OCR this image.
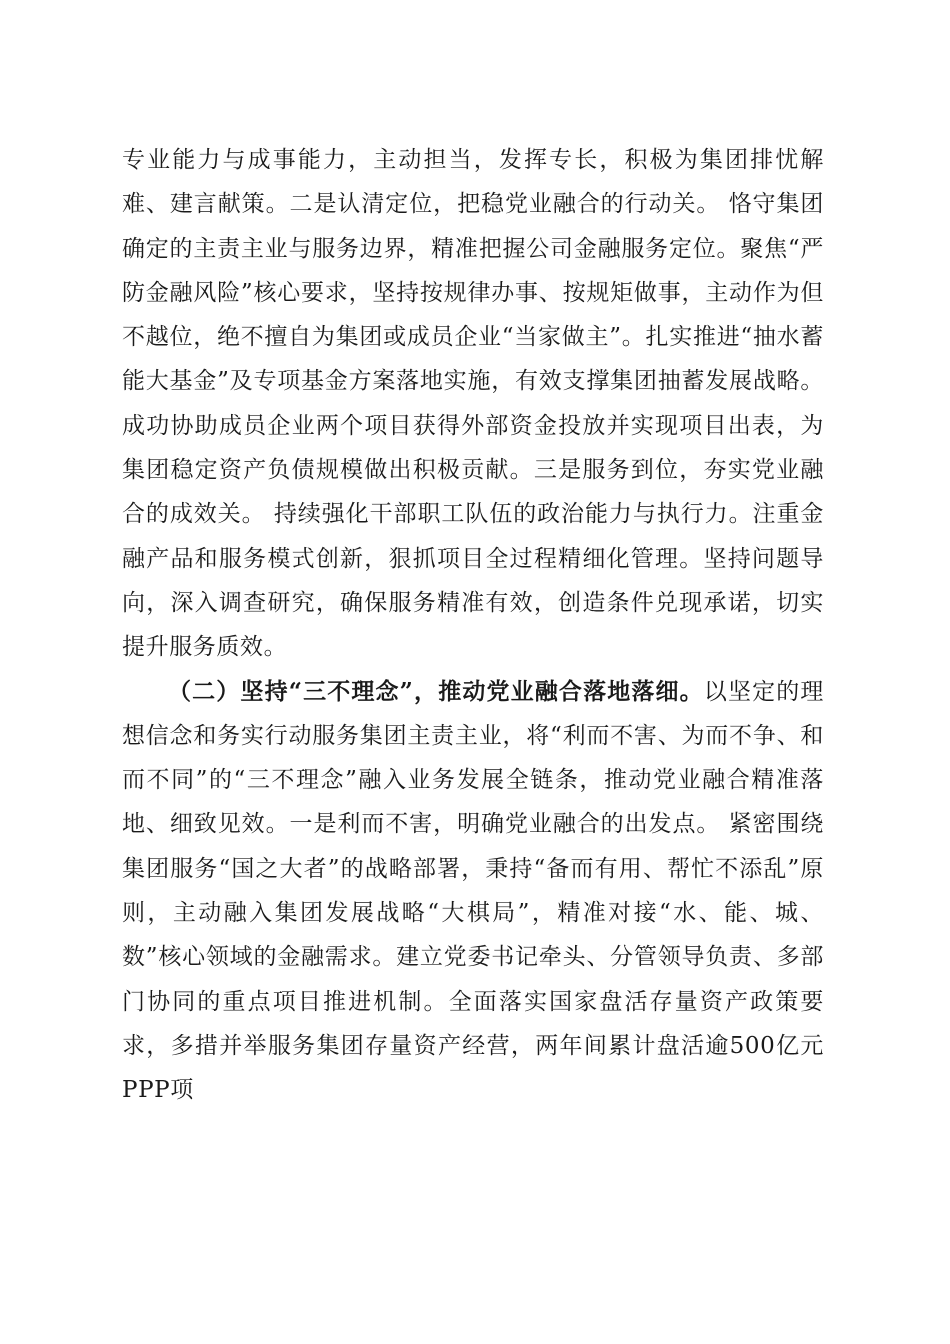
专业能力与成事能力，主动担当，发挥专长，积极为集团排忧解难、建言献策。二是认清定位，把稳党业融合的行动关。 恪守集团确定的主责主业与服务边界，精准把握公司金融服务定位。聚焦“严防金融风险”核心要求，坚持按规律办事、按规矩做事，主动作为但不越位，绝不擅自为集团或成员企业“当家做主”。扎实推进“抽水蓄能大基金”及专项基金方案落地实施，有效支撑集团抽蓄发展战略。成功协助成员企业两个项目获得外部资金投放并实现项目出表，为集团稳定资产负债规模做出积极贡献。三是服务到位，夯实党业融合的成效关。 持续强化干部职工队伍的政治能力与执行力。注重金融产品和服务模式创新，狠抓项目全过程精细化管理。坚持问题导向，深入调查研究，确保服务精准有效，创造条件兑现承诺，切实提升服务质效。

（二）坚持“三不理念”，推动党业融合落地落细。以坚定的理想信念和务实行动服务集团主责主业，将“利而不害、为而不争、和而不同”的“三不理念”融入业务发展全链条，推动党业融合精准落地、细致见效。一是利而不害，明确党业融合的出发点。 紧密围绕集团服务“国之大者”的战略部署，秉持“备而有用、帮忙不添乱”原则，主动融入集团发展战略“大棋局”，精准对接“水、能、城、数”核心领域的金融需求。建立党委书记牵头、分管领导负责、多部门协同的重点项目推进机制。全面落实国家盘活存量资产政策要求，多措并举服务集团存量资产经营，两年间累计盘活逾500亿元PPP项
